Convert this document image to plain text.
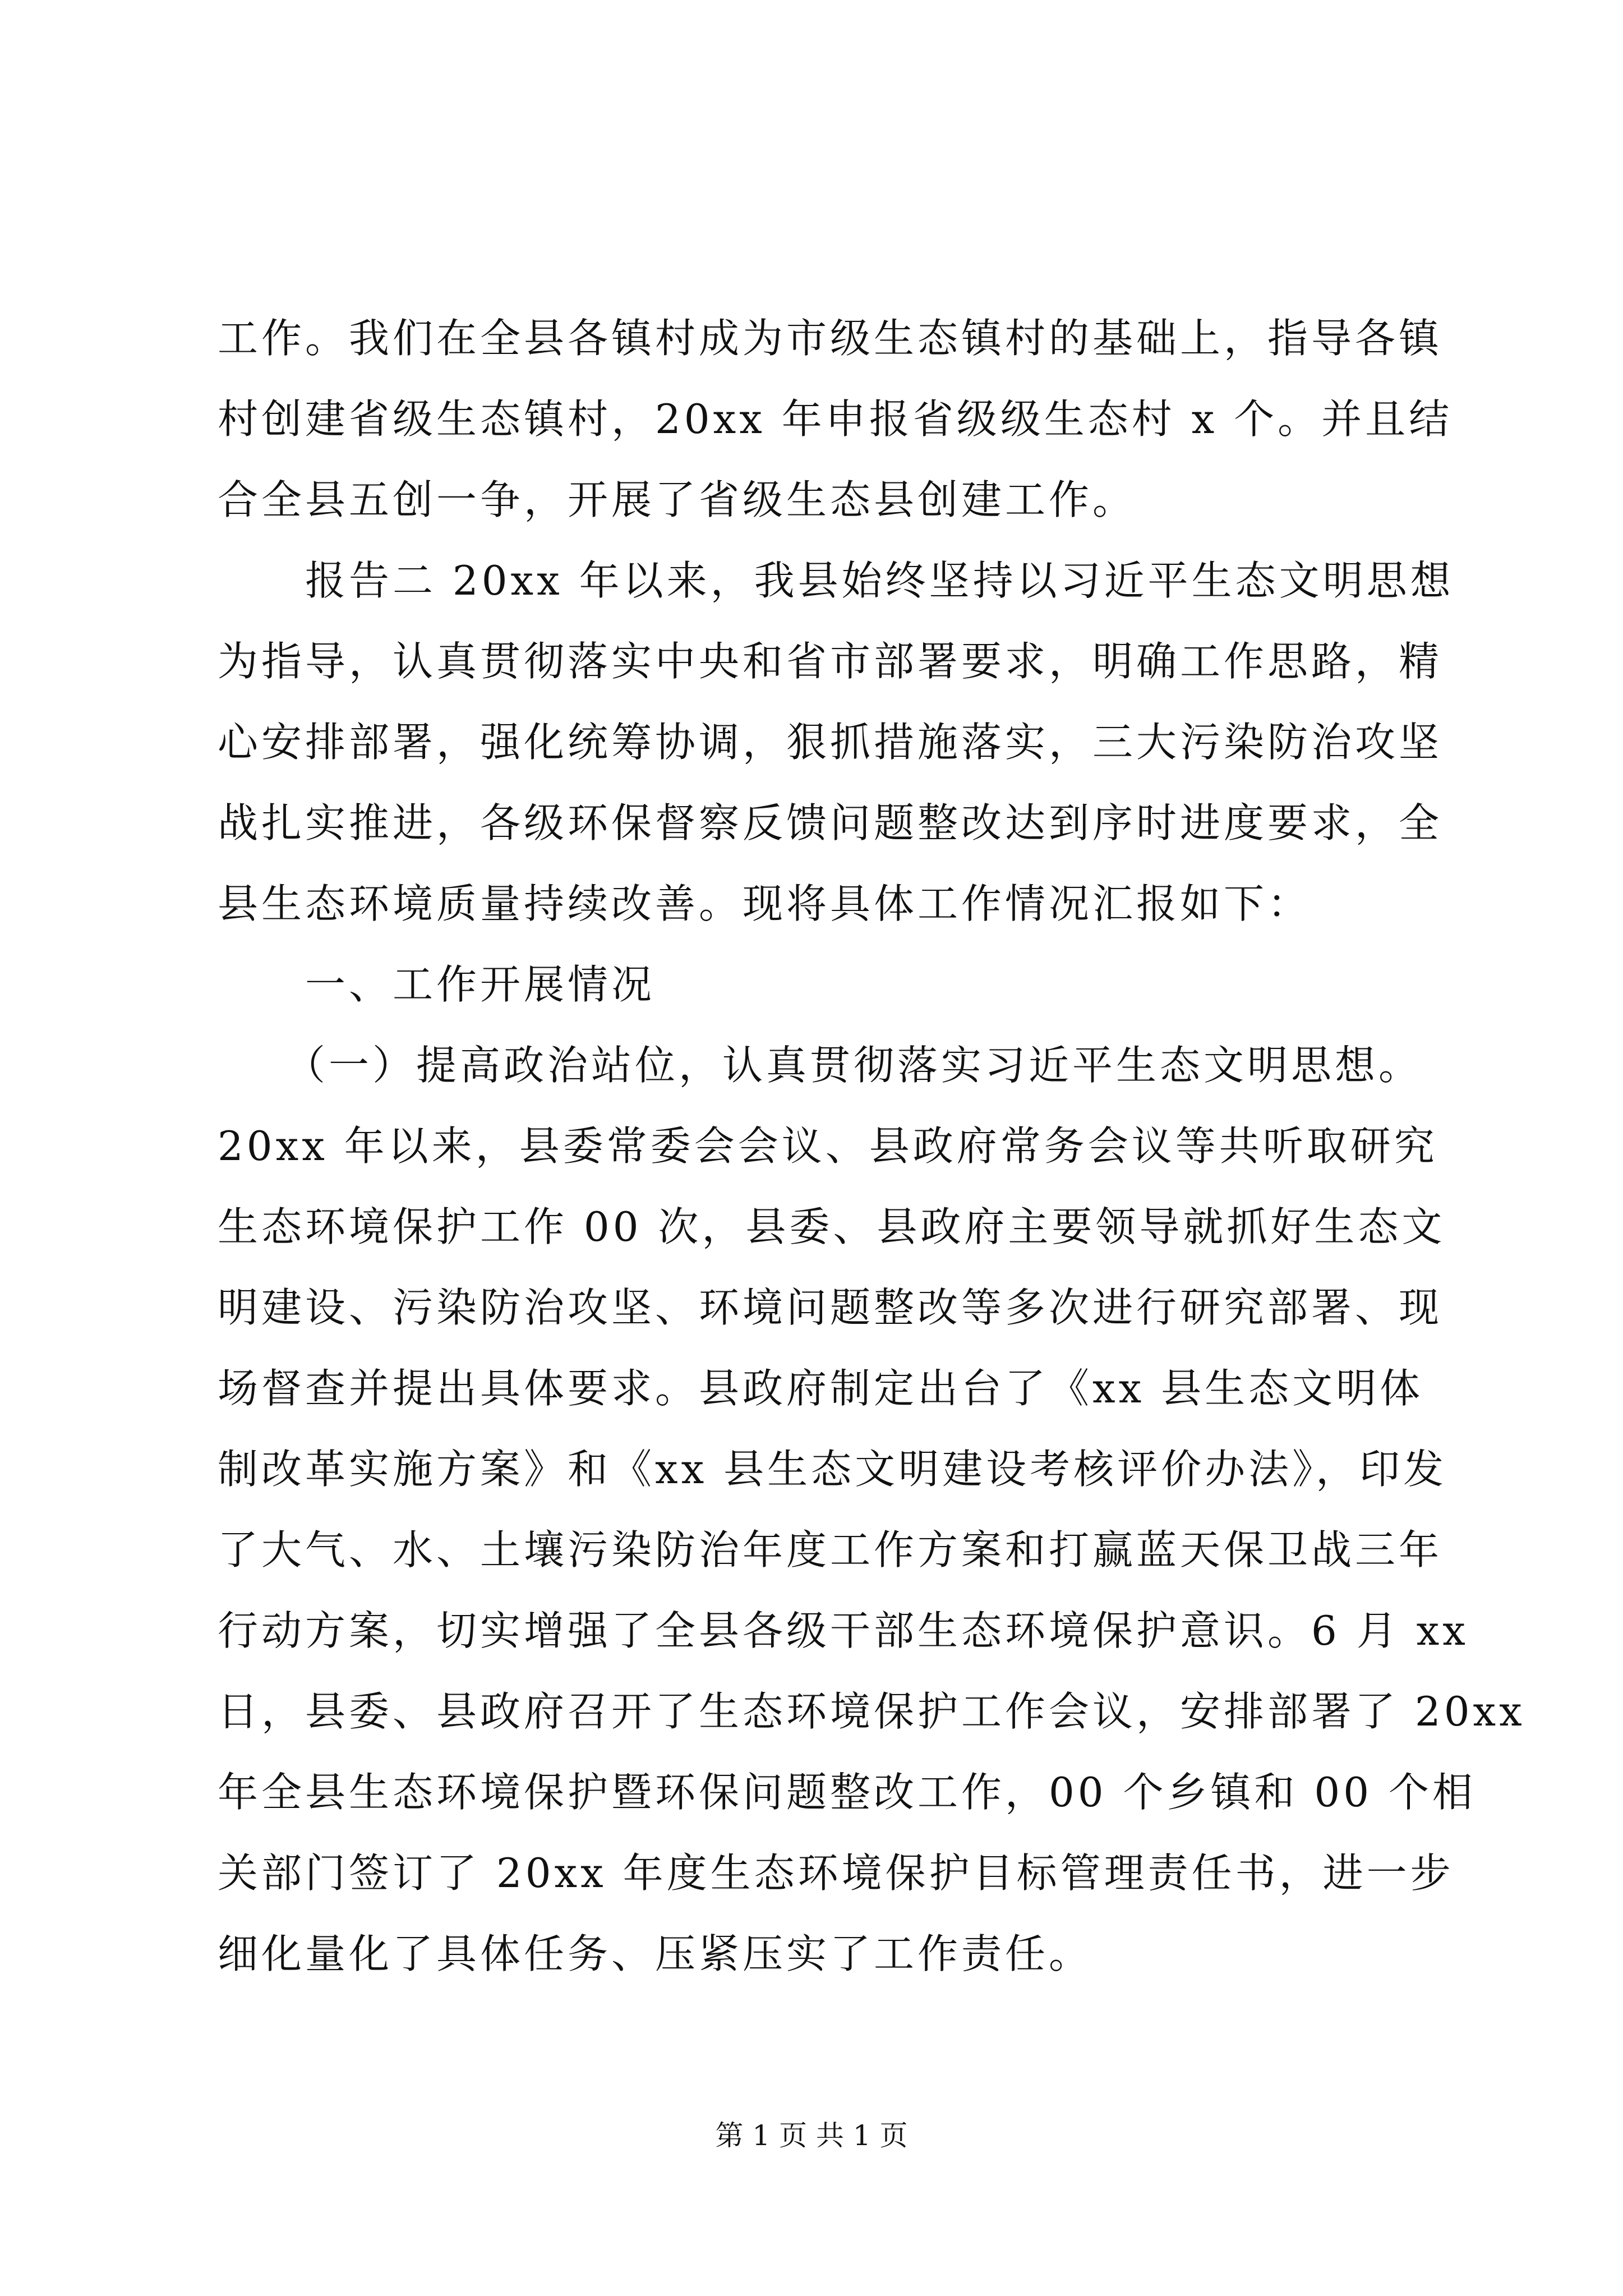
工作。我们在全县各镇村成为市级生态镇村的基础上，指导各镇
村创建省级生态镇村，20xx 年申报省级级生态村 x 个。并且结
合全县五创一争，开展了省级生态县创建工作。
　　报告二 20xx 年以来，我县始终坚持以习近平生态文明思想
为指导，认真贯彻落实中央和省市部署要求，明确工作思路，精
心安排部署，强化统筹协调，狠抓措施落实，三大污染防治攻坚
战扎实推进，各级环保督察反馈问题整改达到序时进度要求，全
县生态环境质量持续改善。现将具体工作情况汇报如下：
　　一、工作开展情况
　　（一）提高政治站位，认真贯彻落实习近平生态文明思想。
20xx 年以来，县委常委会会议、县政府常务会议等共听取研究
生态环境保护工作 00 次，县委、县政府主要领导就抓好生态文
明建设、污染防治攻坚、环境问题整改等多次进行研究部署、现
场督查并提出具体要求。县政府制定出台了《xx 县生态文明体
制改革实施方案》和《xx 县生态文明建设考核评价办法》，印发
了大气、水、土壤污染防治年度工作方案和打赢蓝天保卫战三年
行动方案，切实增强了全县各级干部生态环境保护意识。6 月 xx
日，县委、县政府召开了生态环境保护工作会议，安排部署了 20xx
年全县生态环境保护暨环保问题整改工作，00 个乡镇和 00 个相
关部门签订了 20xx 年度生态环境保护目标管理责任书，进一步
细化量化了具体任务、压紧压实了工作责任。
第 1 页 共 1 页
